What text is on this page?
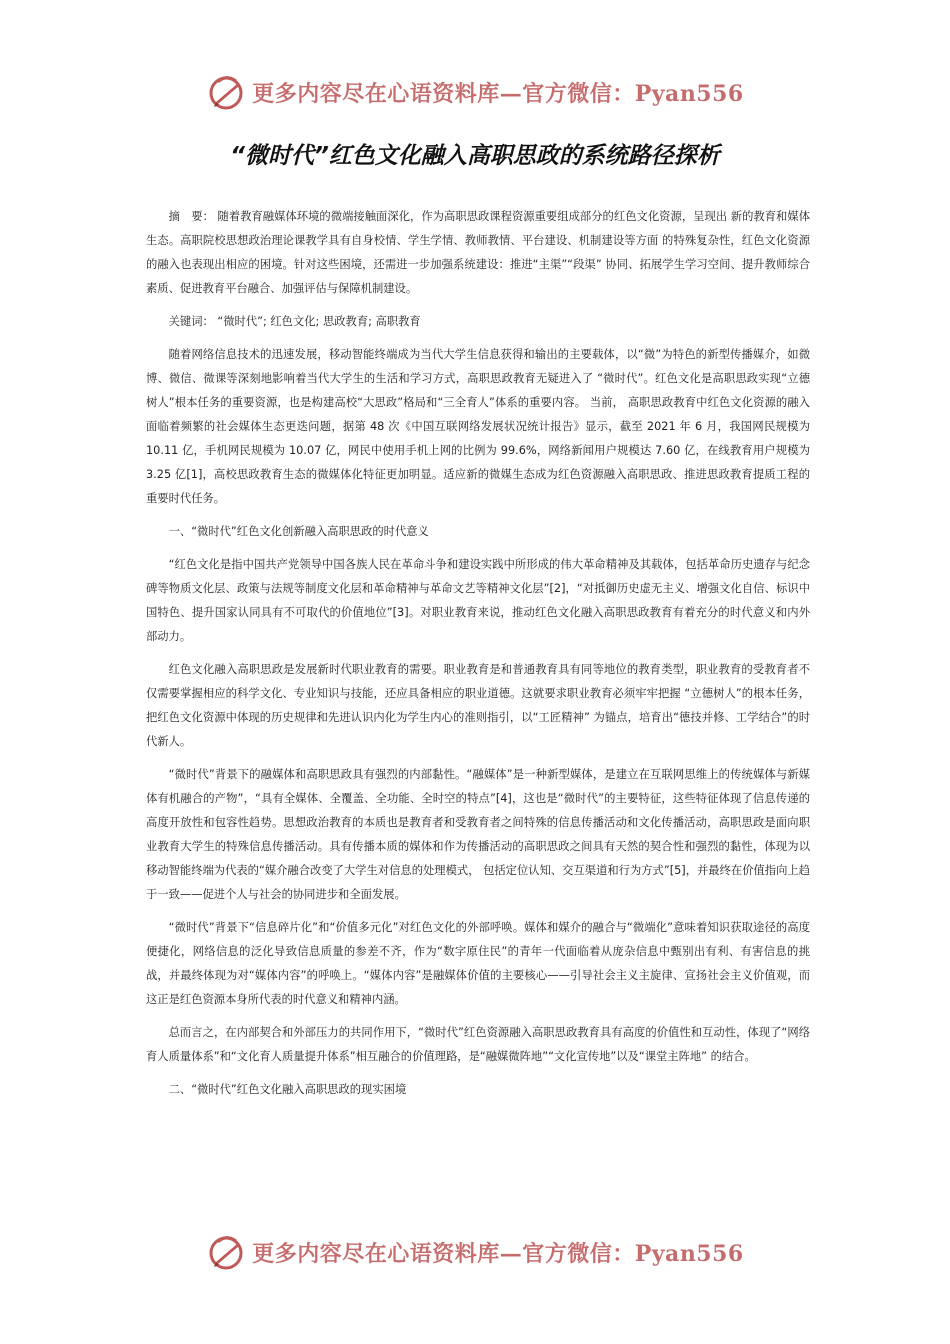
更多内容尽在心语资料库—官方微信：Pyan556
“微时代”红色文化融入高职思政的系统路径探析

摘　要： 随着教育融媒体环境的微端接触面深化，作为高职思政课程资源重要组成部分的红色文化资源，呈现出 新的教育和媒体生态。高职院校思想政治理论课教学具有自身校情、学生学情、教师教情、平台建设、机制建设等方面 的特殊复杂性，红色文化资源的融入也表现出相应的困境。针对这些困境，还需进一步加强系统建设：推进“主渠”“段渠” 协同、拓展学生学习空间、提升教师综合素质、促进教育平台融合、加强评估与保障机制建设。

关键词： “微时代”; 红色文化; 思政教育; 高职教育

随着网络信息技术的迅速发展，移动智能终端成为当代大学生信息获得和输出的主要载体，以“微”为特色的新型传播媒介，如微博、微信、微课等深刻地影响着当代大学生的生活和学习方式，高职思政教育无疑进入了 “微时代”。红色文化是高职思政实现“立德树人”根本任务的重要资源，也是构建高校“大思政”格局和“三全育人”体系的重要内容。 当前， 高职思政教育中红色文化资源的融入面临着频繁的社会媒体生态更迭问题，据第 48 次《中国互联网络发展状况统计报告》显示，截至 2021 年 6 月，我国网民规模为 10.11 亿，手机网民规模为 10.07 亿，网民中使用手机上网的比例为 99.6%，网络新闻用户规模达 7.60 亿，在线教育用户规模为 3.25 亿[1]，高校思政教育生态的微媒体化特征更加明显。适应新的微媒生态成为红色资源融入高职思政、推进思政教育提质工程的重要时代任务。

一、“微时代”红色文化创新融入高职思政的时代意义

“红色文化是指中国共产党领导中国各族人民在革命斗争和建设实践中所形成的伟大革命精神及其载体，包括革命历史遗存与纪念碑等物质文化层、政策与法规等制度文化层和革命精神与革命文艺等精神文化层”[2]，“对抵御历史虚无主义、增强文化自信、标识中国特色、提升国家认同具有不可取代的价值地位”[3]。对职业教育来说，推动红色文化融入高职思政教育有着充分的时代意义和内外部动力。

红色文化融入高职思政是发展新时代职业教育的需要。职业教育是和普通教育具有同等地位的教育类型，职业教育的受教育者不仅需要掌握相应的科学文化、专业知识与技能，还应具备相应的职业道德。这就要求职业教育必须牢牢把握 “立德树人”的根本任务，把红色文化资源中体现的历史规律和先进认识内化为学生内心的准则指引，以“工匠精神” 为锚点，培育出“德技并修、工学结合”的时代新人。

“微时代”背景下的融媒体和高职思政具有强烈的内部黏性。“融媒体”是一种新型媒体，是建立在互联网思维上的传统媒体与新媒体有机融合的产物”，“具有全媒体、全覆盖、全功能、全时空的特点”[4]，这也是“微时代”的主要特征，这些特征体现了信息传递的高度开放性和包容性趋势。思想政治教育的本质也是教育者和受教育者之间特殊的信息传播活动和文化传播活动，高职思政是面向职业教育大学生的特殊信息传播活动。具有传播本质的媒体和作为传播活动的高职思政之间具有天然的契合性和强烈的黏性，体现为以移动智能终端为代表的“媒介融合改变了大学生对信息的处理模式， 包括定位认知、交互渠道和行为方式”[5]，并最终在价值指向上趋于一致——促进个人与社会的协同进步和全面发展。

“微时代”背景下“信息碎片化”和“价值多元化”对红色文化的外部呼唤。媒体和媒介的融合与“微端化”意味着知识获取途径的高度便捷化，网络信息的泛化导致信息质量的参差不齐，作为“数字原住民”的青年一代面临着从庞杂信息中甄别出有利、有害信息的挑战，并最终体现为对“媒体内容”的呼唤上。“媒体内容”是融媒体价值的主要核心——引导社会主义主旋律、宣扬社会主义价值观，而这正是红色资源本身所代表的时代意义和精神内涵。

总而言之，在内部契合和外部压力的共同作用下，“微时代”红色资源融入高职思政教育具有高度的价值性和互动性，体现了“网络育人质量体系”和“文化育人质量提升体系”相互融合的价值理路，是“融媒微阵地”“文化宣传地”以及“课堂主阵地” 的结合。

二、“微时代”红色文化融入高职思政的现实困境

更多内容尽在心语资料库—官方微信：Pyan556
